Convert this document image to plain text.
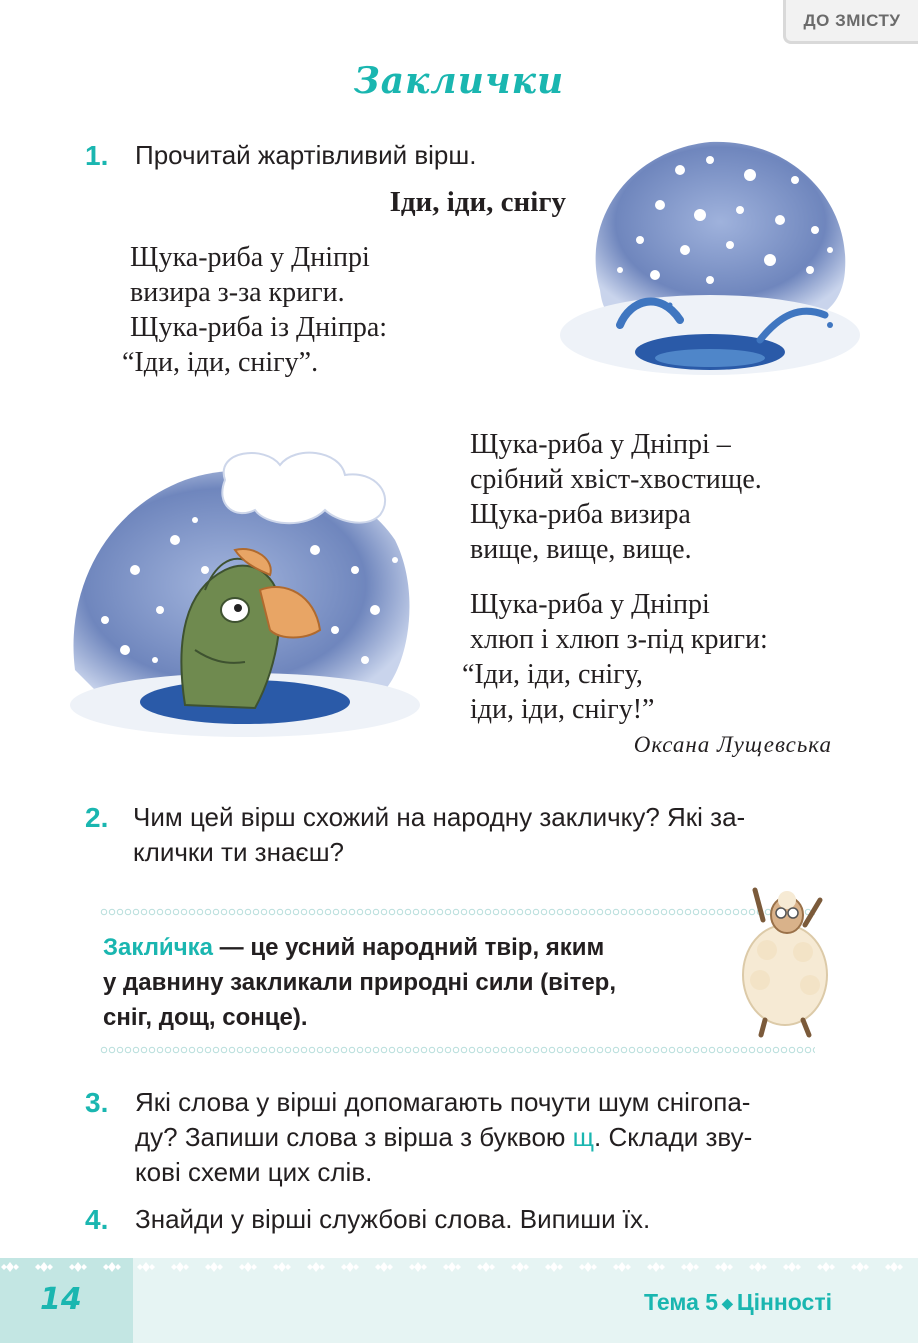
ДО ЗМІСТУ
Заклички
1. Прочитай жартівливий вірш.
Іди, іди, снігу
Щука-риба у Дніпрі
визира з-за криги.
Щука-риба із Дніпра:
“Іди, іди, снігу”.
Щука-риба у Дніпрі –
срібний хвіст-хвостище.
Щука-риба визира
вище, вище, вище.
Щука-риба у Дніпрі
хлюп і хлюп з-під криги:
“Іди, іди, снігу,
іди, іди, снігу!”
Оксана Лущевська
2. Чим цей вірш схожий на народну закличку? Які за-
клички ти знаєш?
Закли́чка — це усний народний твір, яким
у давнину закликали природні сили (вітер,
сніг, дощ, сонце).
3. Які слова у вірші допомагають почути шум снігопа-
ду? Запиши слова з вірша з буквою щ. Склади зву-
кові схеми цих слів.
4. Знайди у вірші службові слова. Випиши їх.
14	Тема 5 ◆ Цінності
